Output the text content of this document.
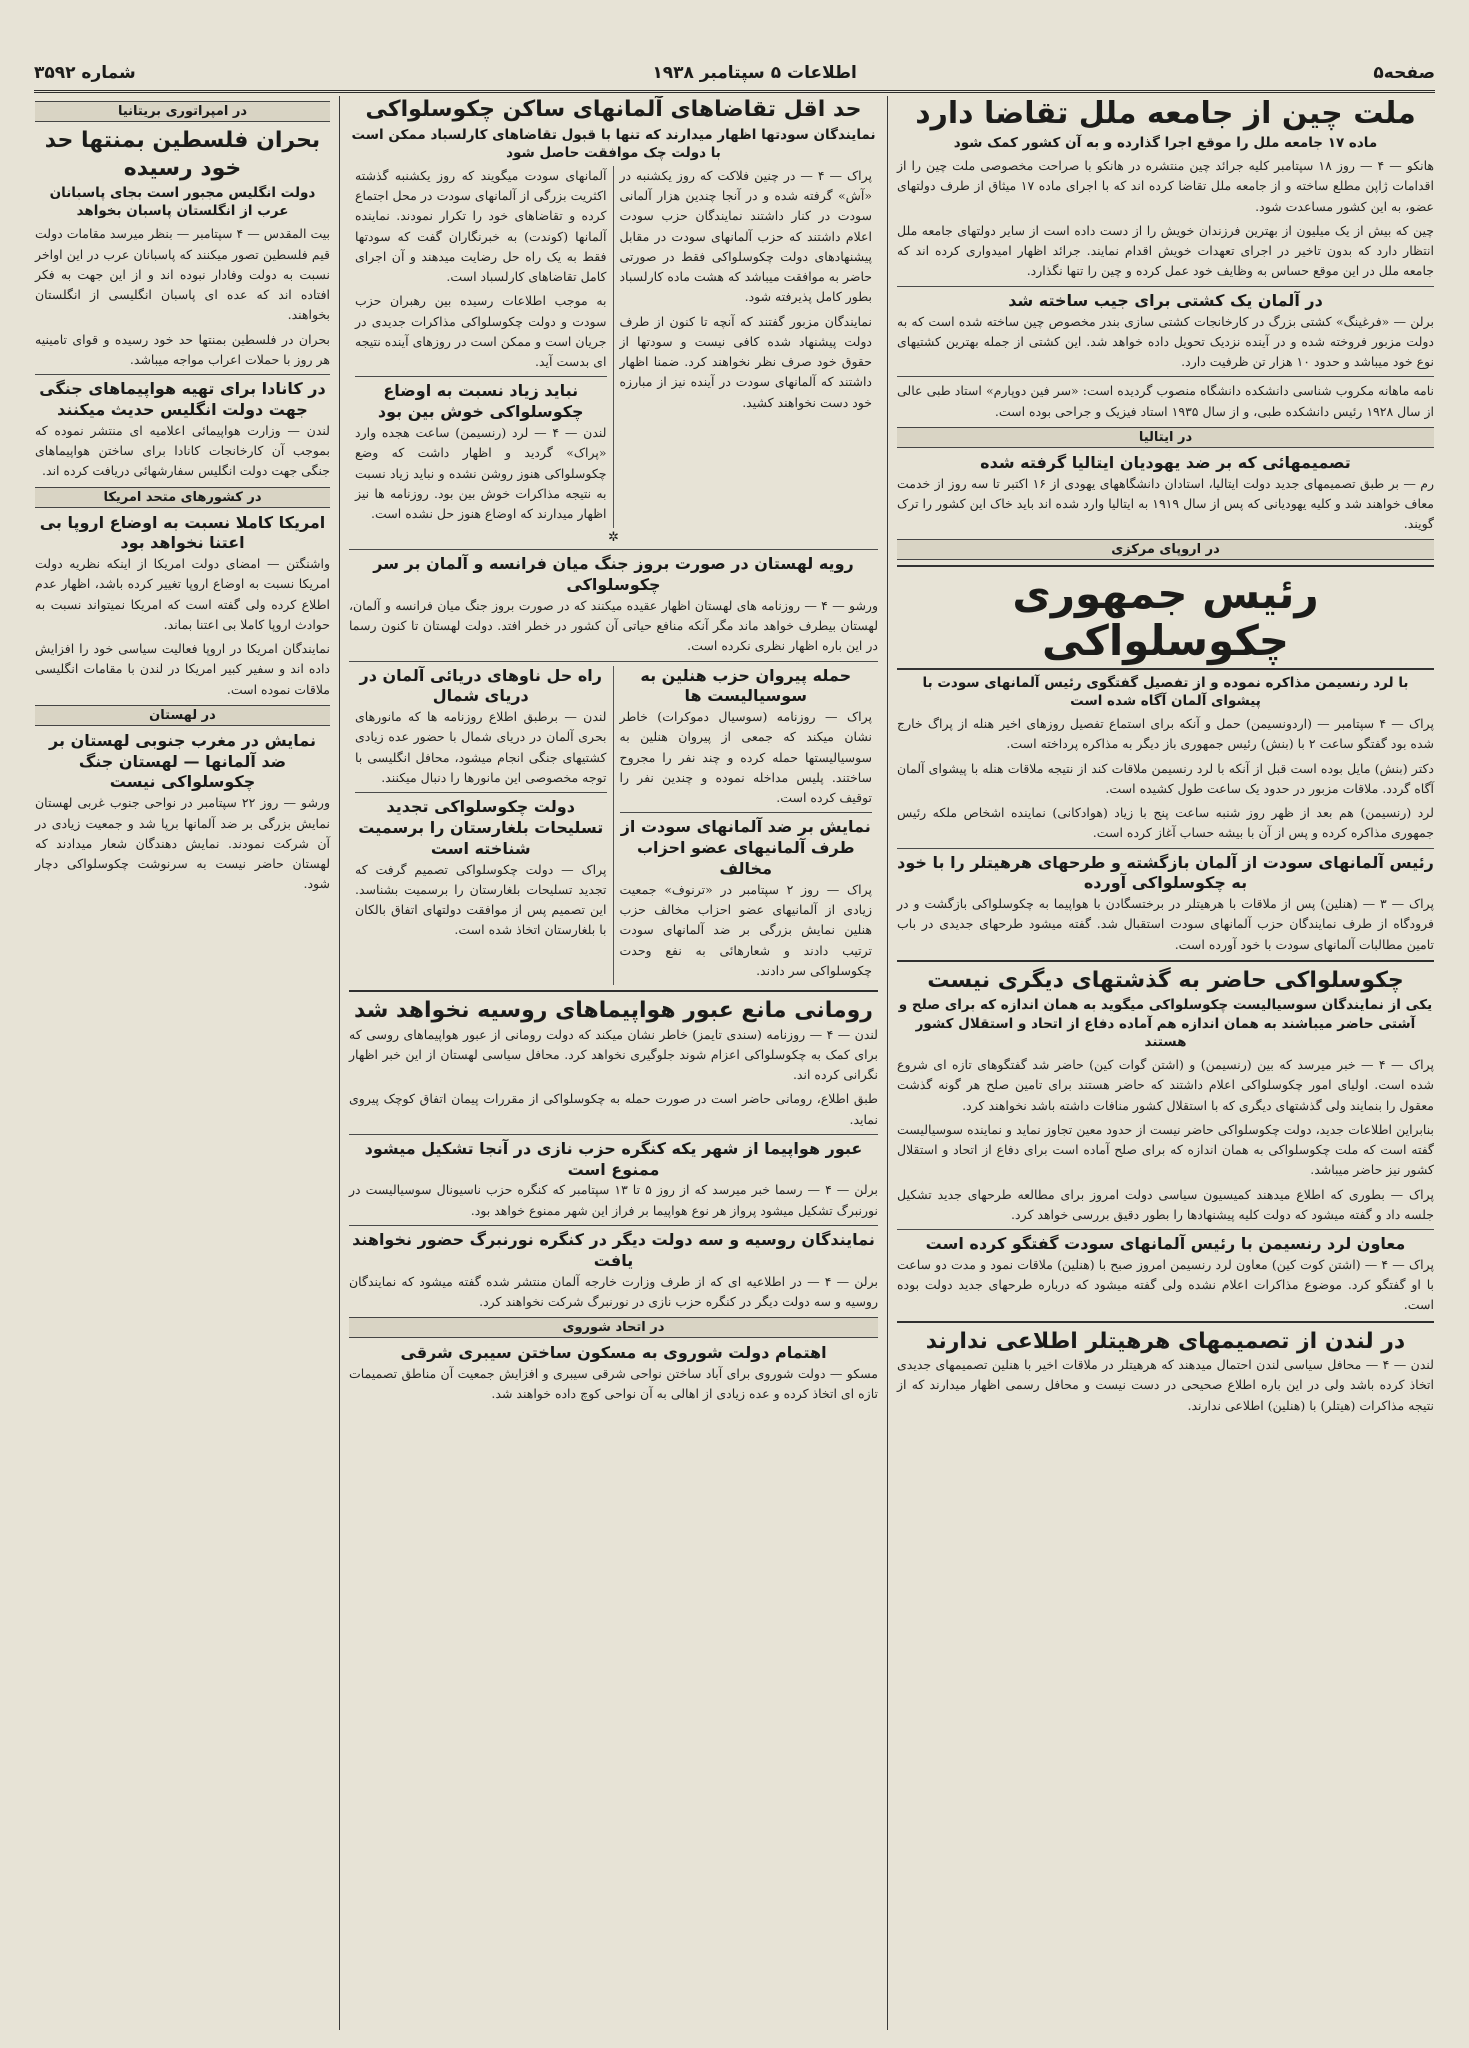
صفحه۵
اطلاعات ۵ سپتامبر ۱۹۳۸
شماره ۳۵۹۲
ملت چین از جامعه ملل تقاضا دارد
ماده ۱۷ جامعه ملل را موقع اجرا گذارده و به آن کشور کمک شود

هانکو — ۴ — روز ۱۸ سپتامبر کلیه جرائد چین منتشره در هانکو با صراحت مخصوصی ملت چین را از اقدامات ژاپن مطلع ساخته و از جامعه ملل تقاضا کرده اند که با اجرای ماده ۱۷ میثاق از طرف دولتهای عضو، به این کشور مساعدت شود.

چین که بیش از یک میلیون از بهترین فرزندان خویش را از دست داده است از سایر دولتهای جامعه ملل انتظار دارد که بدون تاخیر در اجرای تعهدات خویش اقدام نمایند. جرائد اظهار امیدواری کرده اند که جامعه ملل در این موقع حساس به وظایف خود عمل کرده و چین را تنها نگذارد.

در آلمان یک کشتی برای جیب ساخته شد

برلن — «فرغینگ» کشتی بزرگ در کارخانجات کشتی سازی بندر مخصوص چین ساخته شده است که به دولت مزبور فروخته شده و در آینده نزدیک تحویل داده خواهد شد. این کشتی از جمله بهترین کشتیهای نوع خود میباشد و حدود ۱۰ هزار تن ظرفیت دارد.

نامه ماهانه مکروب شناسی دانشکده دانشگاه منصوب گردیده است: «سر فین دوپارم» استاد طبی عالی از سال ۱۹۲۸ رئیس دانشکده طبی، و از سال ۱۹۳۵ استاد فیزیک و جراحی بوده است.

در ایتالیا
تصمیمهائی که بر ضد یهودیان ایتالیا گرفته شده

رم — بر طبق تصمیمهای جدید دولت ایتالیا، استادان دانشگاههای یهودی از ۱۶ اکتبر تا سه روز از خدمت معاف خواهند شد و کلیه یهودیانی که پس از سال ۱۹۱۹ به ایتالیا وارد شده اند باید خاک این کشور را ترک گویند.

در اروپای مرکزی
رئیس جمهوری چکوسلواکی
با لرد رنسیمن مذاکره نموده و از تفصیل گفتگوی رئیس آلمانهای سودت با پیشوای آلمان آگاه شده است

پراک — ۴ سپتامبر — (اردونسیمن) حمل و آنکه برای استماع تفصیل روزهای اخیر هنله از پراگ خارج شده بود گفتگو ساعت ۲ با (بنش) رئیس جمهوری باز دیگر به مذاکره پرداخته است.

دکتر (بنش) مایل بوده است قبل از آنکه با لرد رنسیمن ملاقات کند از نتیجه ملاقات هنله با پیشوای آلمان آگاه گردد. ملاقات مزبور در حدود یک ساعت طول کشیده است.

لرد (رنسیمن) هم بعد از ظهر روز شنبه ساعت پنج با زیاد (هوادکانی) نماینده اشخاص ملکه رئیس جمهوری مذاکره کرده و پس از آن با بیشه حساب آغاز کرده است.

رئیس آلمانهای سودت از آلمان بازگشته و طرحهای هرهیتلر را با خود به چکوسلواکی آورده

پراک — ۳ — (هنلین) پس از ملاقات با هرهیتلر در برختسگادن با هواپیما به چکوسلواکی بازگشت و در فرودگاه از طرف نمایندگان حزب آلمانهای سودت استقبال شد. گفته میشود طرحهای جدیدی در باب تامین مطالبات آلمانهای سودت با خود آورده است.

چکوسلواکی حاضر به گذشتهای دیگری نیست
یکی از نمایندگان سوسیالیست چکوسلواکی میگوید به همان اندازه که برای صلح و آشتی حاضر میباشند به همان اندازه هم آماده دفاع از اتحاد و استقلال کشور هستند

پراک — ۴ — خبر میرسد که بین (رنسیمن) و (اشتن گوات کین) حاضر شد گفتگوهای تازه ای شروع شده است. اولیای امور چکوسلواکی اعلام داشتند که حاضر هستند برای تامین صلح هر گونه گذشت معقول را بنمایند ولی گذشتهای دیگری که با استقلال کشور منافات داشته باشد نخواهند کرد.

بنابراین اطلاعات جدید، دولت چکوسلواکی حاضر نیست از حدود معین تجاوز نماید و نماینده سوسیالیست گفته است که ملت چکوسلواکی به همان اندازه که برای صلح آماده است برای دفاع از اتحاد و استقلال کشور نیز حاضر میباشد.

پراک — بطوری که اطلاع میدهند کمیسیون سیاسی دولت امروز برای مطالعه طرحهای جدید تشکیل جلسه داد و گفته میشود که دولت کلیه پیشنهادها را بطور دقیق بررسی خواهد کرد.

معاون لرد رنسیمن با رئیس آلمانهای سودت گفتگو کرده است

پراک — ۴ — (اشتن کوت کین) معاون لرد رنسیمن امروز صبح با (هنلین) ملاقات نمود و مدت دو ساعت با او گفتگو کرد. موضوع مذاکرات اعلام نشده ولی گفته میشود که درباره طرحهای جدید دولت بوده است.

در لندن از تصمیمهای هرهیتلر اطلاعی ندارند

لندن — ۴ — محافل سیاسی لندن احتمال میدهند که هرهیتلر در ملاقات اخیر با هنلین تصمیمهای جدیدی اتخاذ کرده باشد ولی در این باره اطلاع صحیحی در دست نیست و محافل رسمی اظهار میدارند که از نتیجه مذاکرات (هیتلر) با (هنلین) اطلاعی ندارند.

حد اقل تقاضاهای آلمانهای ساکن چکوسلواکی
نمایندگان سودتها اظهار میدارند که تنها با قبول تقاضاهای کارلسباد ممکن است با دولت چک موافقت حاصل شود

پراک — ۴ — در چنین فلاکت که روز یکشنبه در «آش» گرفته شده و در آنجا چندین هزار آلمانی سودت در کنار داشتند نمایندگان حزب سودت اعلام داشتند که حزب آلمانهای سودت در مقابل پیشنهادهای دولت چکوسلواکی فقط در صورتی حاضر به موافقت میباشد که هشت ماده کارلسباد بطور کامل پذیرفته شود.

نمایندگان مزبور گفتند که آنچه تا کنون از طرف دولت پیشنهاد شده کافی نیست و سودتها از حقوق خود صرف نظر نخواهند کرد. ضمنا اظهار داشتند که آلمانهای سودت در آینده نیز از مبارزه خود دست نخواهند کشید.

آلمانهای سودت میگویند که روز یکشنبه گذشته اکثریت بزرگی از آلمانهای سودت در محل اجتماع کرده و تقاضاهای خود را تکرار نمودند. نماینده آلمانها (کوندت) به خبرنگاران گفت که سودتها فقط به یک راه حل رضایت میدهند و آن اجرای کامل تقاضاهای کارلسباد است.

به موجب اطلاعات رسیده بین رهبران حزب سودت و دولت چکوسلواکی مذاکرات جدیدی در جریان است و ممکن است در روزهای آینده نتیجه ای بدست آید.

نباید زیاد نسبت به اوضاع چکوسلواکی خوش بین بود

لندن — ۴ — لرد (رنسیمن) ساعت هجده وارد «پراک» گردید و اظهار داشت که وضع چکوسلواکی هنوز روشن نشده و نباید زیاد نسبت به نتیجه مذاکرات خوش بین بود. روزنامه ها نیز اظهار میدارند که اوضاع هنوز حل نشده است.

✲
رویه لهستان در صورت بروز جنگ میان فرانسه و آلمان بر سر چکوسلواکی

ورشو — ۴ — روزنامه های لهستان اظهار عقیده میکنند که در صورت بروز جنگ میان فرانسه و آلمان، لهستان بیطرف خواهد ماند مگر آنکه منافع حیاتی آن کشور در خطر افتد. دولت لهستان تا کنون رسما در این باره اظهار نظری نکرده است.

حمله پیروان حزب هنلین به سوسیالیست ها

پراک — روزنامه (سوسیال دموکرات) خاطر نشان میکند که جمعی از پیروان هنلین به سوسیالیستها حمله کرده و چند نفر را مجروح ساختند. پلیس مداخله نموده و چندین نفر را توقیف کرده است.

نمایش بر ضد آلمانهای سودت از طرف آلمانیهای عضو احزاب مخالف

پراک — روز ۲ سپتامبر در «ترنوف» جمعیت زیادی از آلمانیهای عضو احزاب مخالف حزب هنلین نمایش بزرگی بر ضد آلمانهای سودت ترتیب دادند و شعارهائی به نفع وحدت چکوسلواکی سر دادند.

راه حل ناوهای دریائی آلمان در دریای شمال

لندن — برطبق اطلاع روزنامه ها که مانورهای بحری آلمان در دریای شمال با حضور عده زیادی کشتیهای جنگی انجام میشود، محافل انگلیسی با توجه مخصوصی این مانورها را دنبال میکنند.

دولت چکوسلواکی تجدید تسلیحات بلغارستان را برسمیت شناخته است

پراک — دولت چکوسلواکی تصمیم گرفت که تجدید تسلیحات بلغارستان را برسمیت بشناسد. این تصمیم پس از موافقت دولتهای اتفاق بالکان با بلغارستان اتخاذ شده است.

رومانی مانع عبور هواپیماهای روسیه نخواهد شد

لندن — ۴ — روزنامه (سندی تایمز) خاطر نشان میکند که دولت رومانی از عبور هواپیماهای روسی که برای کمک به چکوسلواکی اعزام شوند جلوگیری نخواهد کرد. محافل سیاسی لهستان از این خبر اظهار نگرانی کرده اند.

طبق اطلاع، رومانی حاضر است در صورت حمله به چکوسلواکی از مقررات پیمان اتفاق کوچک پیروی نماید.

عبور هواپیما از شهر یکه کنگره حزب نازی در آنجا تشکیل میشود ممنوع است

برلن — ۴ — رسما خبر میرسد که از روز ۵ تا ۱۳ سپتامبر که کنگره حزب ناسیونال سوسیالیست در نورنبرگ تشکیل میشود پرواز هر نوع هواپیما بر فراز این شهر ممنوع خواهد بود.

نمایندگان روسیه و سه دولت دیگر در کنگره نورنبرگ حضور نخواهند یافت

برلن — ۴ — در اطلاعیه ای که از طرف وزارت خارجه آلمان منتشر شده گفته میشود که نمایندگان روسیه و سه دولت دیگر در کنگره حزب نازی در نورنبرگ شرکت نخواهند کرد.

در اتحاد شوروی
اهتمام دولت شوروی به مسکون ساختن سیبری شرقی

مسکو — دولت شوروی برای آباد ساختن نواحی شرقی سیبری و افزایش جمعیت آن مناطق تصمیمات تازه ای اتخاذ کرده و عده زیادی از اهالی به آن نواحی کوچ داده خواهند شد.

در امپراتوری بریتانیا
بحران فلسطین بمنتها حد خود رسیده
دولت انگلیس مجبور است بجای پاسبانان عرب از انگلستان پاسبان بخواهد

بیت المقدس — ۴ سپتامبر — بنظر میرسد مقامات دولت قیم فلسطین تصور میکنند که پاسبانان عرب در این اواخر نسبت به دولت وفادار نبوده اند و از این جهت به فکر افتاده اند که عده ای پاسبان انگلیسی از انگلستان بخواهند.

بحران در فلسطین بمنتها حد خود رسیده و قوای تامینیه هر روز با حملات اعراب مواجه میباشد.

در کانادا برای تهیه هواپیماهای جنگی جهت دولت انگلیس حدیث میکنند

لندن — وزارت هواپیمائی اعلامیه ای منتشر نموده که بموجب آن کارخانجات کانادا برای ساختن هواپیماهای جنگی جهت دولت انگلیس سفارشهائی دریافت کرده اند.

در کشورهای متحد امریکا
امریکا کاملا نسبت به اوضاع اروپا بی اعتنا نخواهد بود

واشنگتن — امضای دولت امریکا از اینکه نظریه دولت امریکا نسبت به اوضاع اروپا تغییر کرده باشد، اظهار عدم اطلاع کرده ولی گفته است که امریکا نمیتواند نسبت به حوادث اروپا کاملا بی اعتنا بماند.

نمایندگان امریکا در اروپا فعالیت سیاسی خود را افزایش داده اند و سفیر کبیر امریکا در لندن با مقامات انگلیسی ملاقات نموده است.

در لهستان
نمایش در مغرب جنوبی لهستان بر ضد آلمانها — لهستان جنگ چکوسلواکی نیست

ورشو — روز ۲۲ سپتامبر در نواحی جنوب غربی لهستان نمایش بزرگی بر ضد آلمانها برپا شد و جمعیت زیادی در آن شرکت نمودند. نمایش دهندگان شعار میدادند که لهستان حاضر نیست به سرنوشت چکوسلواکی دچار شود.
